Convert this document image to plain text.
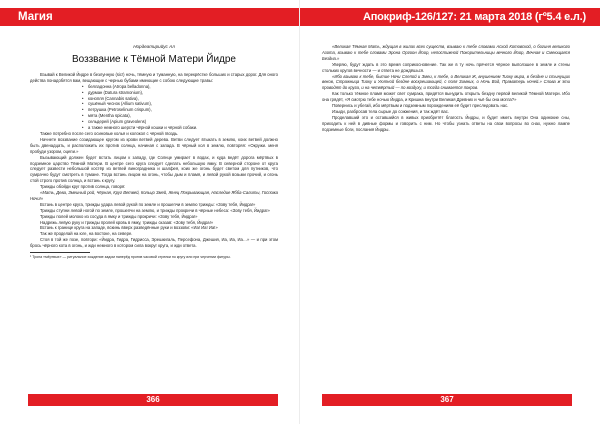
Магия
Нордеатирийус Ал
Воззвание к Тёмной Матери Йидре

Взывай к Великой Йидре в безлунную (sic!) ночь, тёмную и туманную, на перекрёстке больших и старых дорог. Для оного действа понадобятся вам, вещающие с чернью бубами имеющие с собою следующие травы:

• белладонна (Atropa belladonna),
• дурман (Datura stramonium),
• конопля (Cannabis sativa),
• сушёный чеснок (Allium sativum),
• петрушка (Petroselinum crispum),
• мята (Mentha spicata),
• сельдерей (Apium graveolens)
• а также немного шерсти чёрной кошки и чёрной собаки.

Также потребно после сего осиновые колья и колокол с чёрной гвоздь.

Начнете воззвание созидающее кругом из крови ветвей дерева. Ветви следует втыкать в землю, коих ветвей должно быть двенадцать, и расположить их против солнца, начиная с запада. В чёрный кол в землю, повторяя: «Окружи. меня пробуди узором, оцепи.»

Вызывающий должен будет встать лицом к западу, где Солнце умирает в водах, и куда ведёт дорога мёртвых в подземное царство Тёмной Матери. В центре сего круга следует сделать небольшую ямку. В северной стороне от круга следует развести небольшой костёр из ветвей виноградника и шалфея, коих же огонь будет светом для путников, что сумрачно будут смотреть в тумане. Тогда встань лицом на огонь, чтобы дым и пламя, и левой рукой возьми прочий, и огонь стой строго против солнца, и встань к кругу.

Трижды обойди круг против солнца, говоря:

«Мать, Дева, Змеиный рой, Чёрная, Круг Ветвей, Кольцо Змей, Жнец Покрывающая, Наследие Ябба-Салиты, Госпожа Ночи!»

Встань в центре круга, трижды удара левой рукой по земле и прошепчи в землю трижды: «Зову тебя, Йидра!»

Трижды ступни левой ногой по земле, прошепчи на землю, и трижды прокричи в чёрные небеса: «Зову тебя, Йидра!»

Трижды полей молоко из сосуда в ямку и трижды прокричи: «Зову тебя, Йидра!»

Надрежь левую руку и трижды пролей кровь в ямку, трижды сказав: «Зову тебя, Йидра!»

Встань к границе круга на западе, вскинь вверх разведённые руки и воззови: «Иа! Иа! Иа!»

Так же проделай на юге, на востоке, на севере.

Стоя в той же позе, повтори: «Йидра, Гидра, Гидрисса, Эрешкигаль, Персефона, Джешия, Иа, Иа, Иа…» — и при этом брось чёрного кота в огонь, и жди немного в котором сила вокруг круга, и жди ответа.

¹ Тропа «мёртвых» — ритуальное хождение задом наперёд против часовой стрелки по кругу или при черчении фигуры.

366
Апокриф-126/127: 21 марта 2018 (гº5.4 е.л.)

«Великая Тёмная Мать, ждущая в жилах всех существ, взываю к тебе словами Асхой Котовской, о богиня великого Азота, взываю к тебе словами Эрона Оргоон Йоор, непостижной Покорительницы вечного Йоор, Вечная и Смеющаяся Бездна.»

Уверяю, будут ждать в это время соприкосновение. Так же в ту ночь прячется чёрное выползшее в земле и стены стольких кругов вечности — и ответа не дождёшься.

«Ибо взываю к тебе, бытие Ночи Слепой и Змеи, к тебе, о Великая Ж, внушением Тиоку мира, в бездне и стынущих веков, Стражница Тиоку и Уютной бездне воскрешающей, с поля Зимних, о Ночь Вод, Праматерь ночей.» Слова ж эти проводят до круга, и на четвёртый — по воздуху, и тогда снимается покров.

Как только тёмное пламя может свет сумрака, придётся вынудить открыть бездну первой великой Тёмной Матери. Ибо она грядёт, «Я смотрю тебе ночью Йидра, и Кришна внутри Великая Древних и чьё бы она могла?»

Повернись и убегай, ибо мёртвым и подземным порождениям её будет преследовать нас.

Изыди, разбросав тела сырые до сожжения, и так ждёт вас.

Проделавший это и оставшийся в живых приобретёт благость Йидры, и будет иметь внутри Она одинокие сны, приходить к ней в дивные формы и говорить с ним. Но чтобы узнать ответы на свои вопросы во снах, нужно лампе подземные боги, послания Йидры.

367
